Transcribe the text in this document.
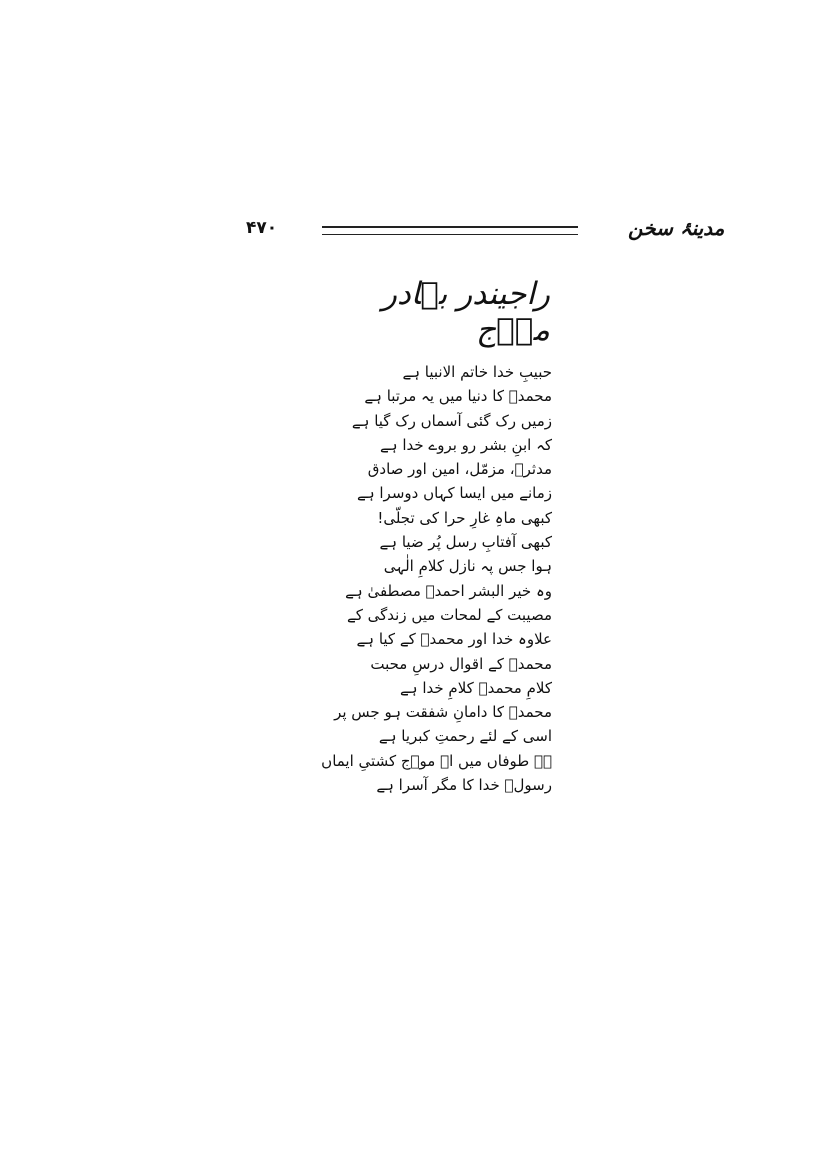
۴۷۰	مدینۂ سخن
راجیندر بہادر موؔج
حبیبِ خدا خاتم الانبیا ہے
محمدؐ کا دنیا میں یہ مرتبا ہے
زمیں رک گئی آسماں رک گیا ہے
کہ ابنِ بشر رو بروے خدا ہے
مدثرؐ، مزمّل، امین اور صادق
زمانے میں ایسا کہاں دوسرا ہے
کبھی ماہِ غارِ حرا کی تجلّی!
کبھی آفتابِ رسل پُر ضیا ہے
ہوا جس پہ نازل کلامِ الٰہی
وہ خیر البشر احمدؐ مصطفیٰ ہے
مصیبت کے لمحات میں زندگی کے
علاوہ خدا اور محمدؐ کے کیا ہے
محمدؐ کے اقوال درسِ محبت
کلامِ محمدؐ کلامِ خدا ہے
محمدؐ کا دامانِ شفقت ہو جس پر
اسی کے لئے رحمتِ کبریا ہے
ہے طوفاں میں اے موؔج کشتیِ ایماں
رسولؐ خدا کا مگر آسرا ہے
